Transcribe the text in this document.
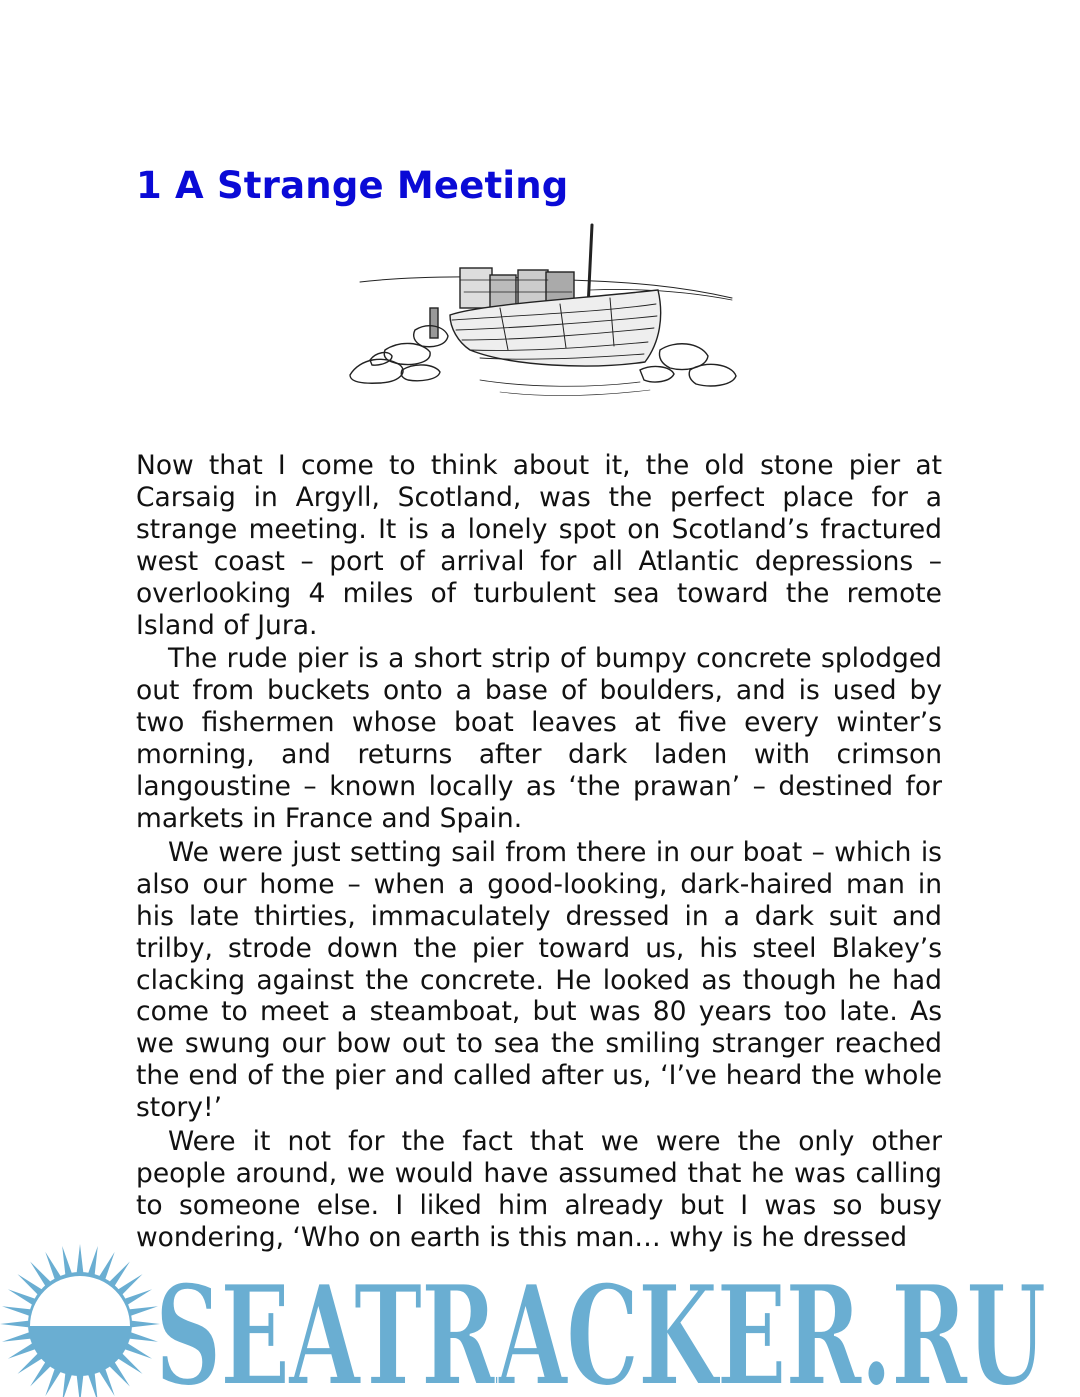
1 A Strange Meeting

Now that I come to think about it, the old stone pier at Carsaig in Argyll, Scotland, was the perfect place for a strange meeting. It is a lonely spot on Scotland’s fractured west coast – port of arrival for all Atlantic depressions – overlooking 4 miles of turbulent sea toward the remote Island of Jura.

The rude pier is a short strip of bumpy concrete splodged out from buckets onto a base of boulders, and is used by two fishermen whose boat leaves at five every winter’s morning, and returns after dark laden with crimson langoustine – known locally as ‘the prawan’ – destined for markets in France and Spain.

We were just setting sail from there in our boat – which is also our home – when a good-looking, dark-haired man in his late thirties, immaculately dressed in a dark suit and trilby, strode down the pier toward us, his steel Blakey’s clacking against the concrete. He looked as though he had come to meet a steamboat, but was 80 years too late. As we swung our bow out to sea the smiling stranger reached the end of the pier and called after us, ‘I’ve heard the whole story!’

Were it not for the fact that we were the only other people around, we would have assumed that he was calling to someone else. I liked him already but I was so busy wondering, ‘Who on earth is this man… why is he dressed

SEATRACKER.RU
